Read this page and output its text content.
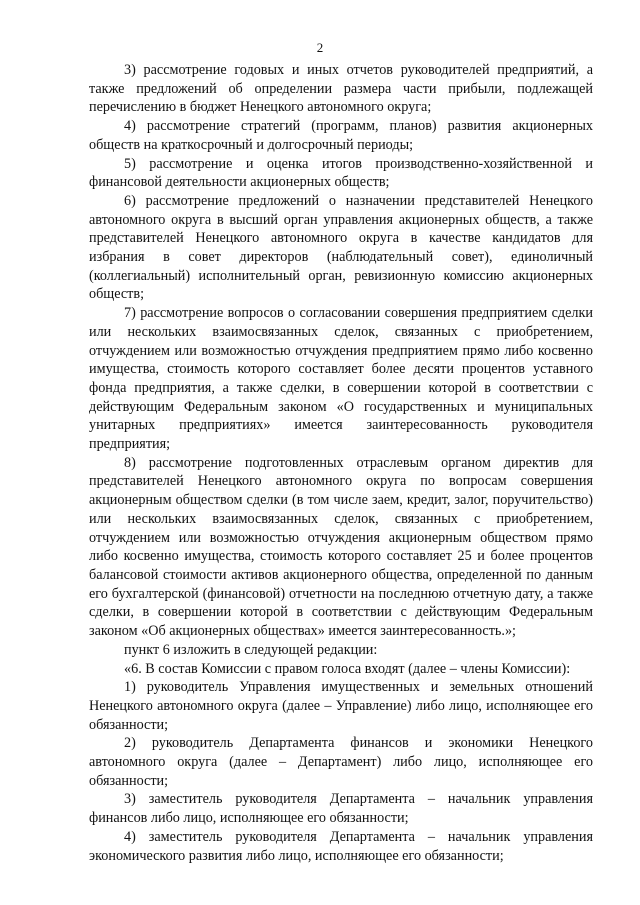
2

3) рассмотрение годовых и иных отчетов руководителей предприятий, а также предложений об определении размера части прибыли, подлежащей перечислению в бюджет Ненецкого автономного округа;

4) рассмотрение стратегий (программ, планов) развития акционерных обществ на краткосрочный и долгосрочный периоды;

5) рассмотрение и оценка итогов производственно-хозяйственной и финансовой деятельности акционерных обществ;

6) рассмотрение предложений о назначении представителей Ненецкого автономного округа в высший орган управления акционерных обществ, а также представителей Ненецкого автономного округа в качестве кандидатов для избрания в совет директоров (наблюдательный совет), единоличный (коллегиальный) исполнительный орган, ревизионную комиссию акционерных обществ;

7) рассмотрение вопросов о согласовании совершения предприятием сделки или нескольких взаимосвязанных сделок, связанных с приобретением, отчуждением или возможностью отчуждения предприятием прямо либо косвенно имущества, стоимость которого составляет более десяти процентов уставного фонда предприятия, а также сделки, в совершении которой в соответствии с действующим Федеральным законом «О государственных и муниципальных унитарных предприятиях» имеется заинтересованность руководителя предприятия;

8) рассмотрение подготовленных отраслевым органом директив для представителей Ненецкого автономного округа по вопросам совершения акционерным обществом сделки (в том числе заем, кредит, залог, поручительство) или нескольких взаимосвязанных сделок, связанных с приобретением, отчуждением или возможностью отчуждения акционерным обществом прямо либо косвенно имущества, стоимость которого составляет 25 и более процентов балансовой стоимости активов акционерного общества, определенной по данным его бухгалтерской (финансовой) отчетности на последнюю отчетную дату, а также сделки, в совершении которой в соответствии с действующим Федеральным законом «Об акционерных обществах» имеется заинтересованность.»;

пункт 6 изложить в следующей редакции:

«6. В состав Комиссии с правом голоса входят (далее – члены Комиссии):

1) руководитель Управления имущественных и земельных отношений Ненецкого автономного округа (далее – Управление) либо лицо, исполняющее его обязанности;

2) руководитель Департамента финансов и экономики Ненецкого автономного округа (далее – Департамент) либо лицо, исполняющее его обязанности;

3) заместитель руководителя Департамента – начальник управления финансов либо лицо, исполняющее его обязанности;

4) заместитель руководителя Департамента – начальник управления экономического развития либо лицо, исполняющее его обязанности;
